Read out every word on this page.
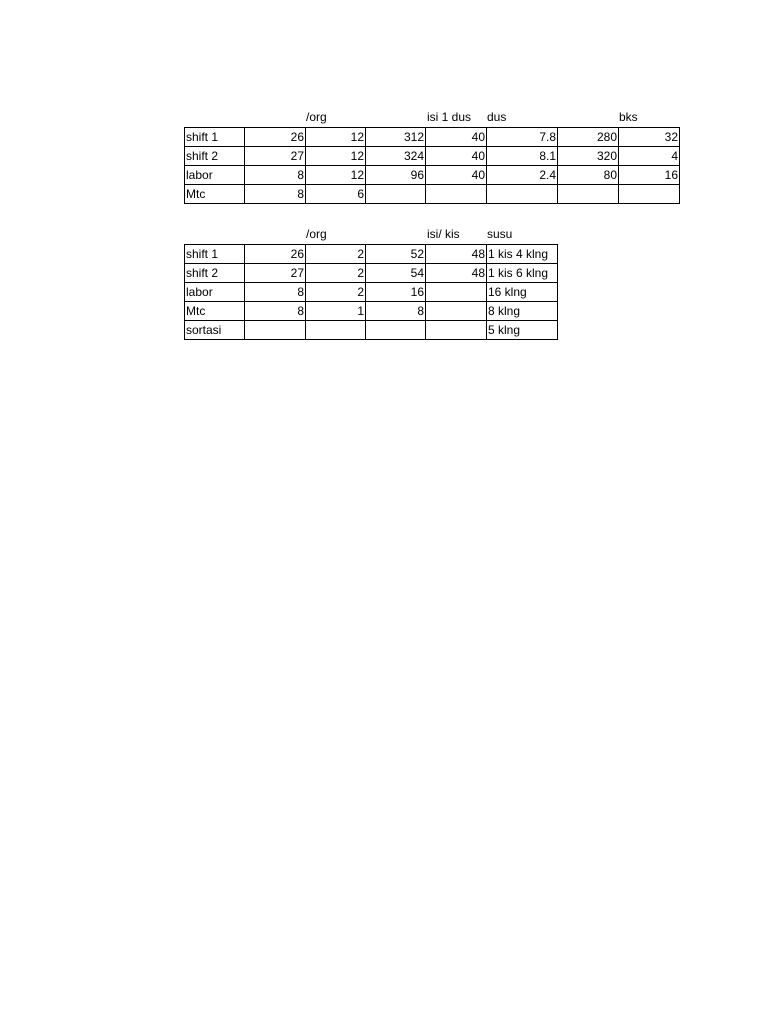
/org	isi 1 dus dus	bks
shift 1	26	12	312	40	7.8	280	32
shift 2	27	12	324	40	8.1	320	4
labor	8	12	96	40	2.4	80	16
Mtc	8	6					
/org	isi/ kis susu
shift 1	26	2	52	48	1 kis 4 klng
shift 2	27	2	54	48	1 kis 6 klng
labor	8	2	16		16 klng
Mtc	8	1	8		8 klng
sortasi					5 klng
